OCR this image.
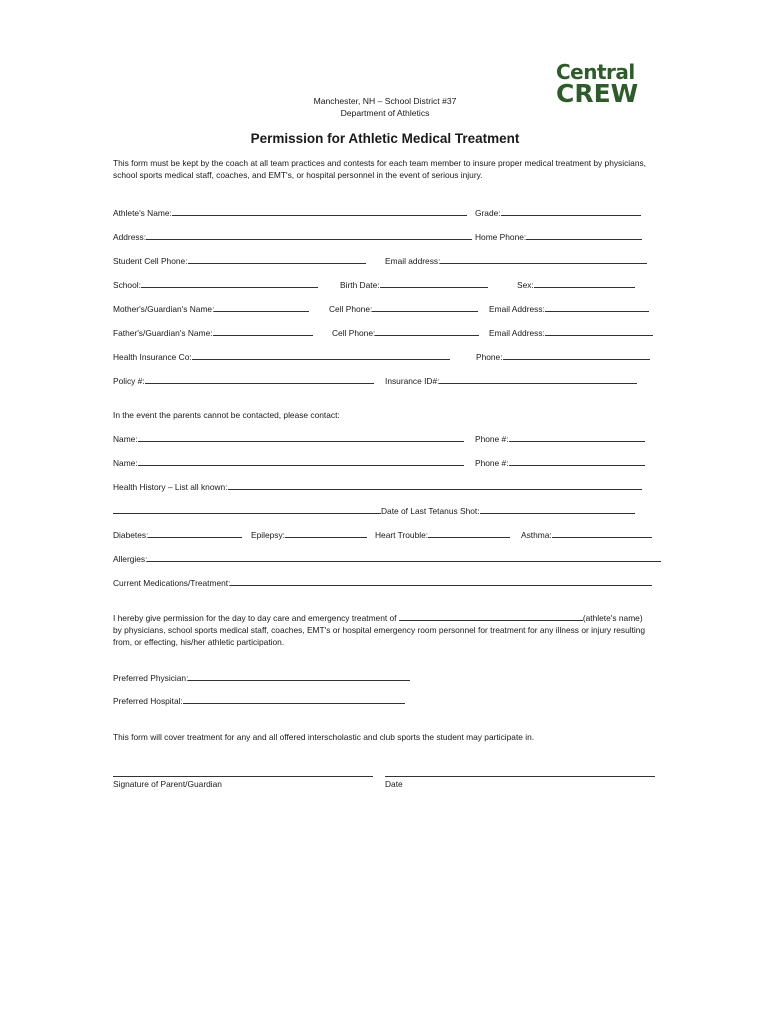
Central
CREW
Manchester, NH – School District #37
Department of Athletics
Permission for Athletic Medical Treatment
This form must be kept by the coach at all team practices and contests for each team member to insure proper medical treatment by physicians, school sports medical staff, coaches, and EMT's, or hospital personnel in the event of serious injury.
Athlete's Name:	Grade:
Address:	Home Phone:
Student Cell Phone:	Email address:
School:	Birth Date:	Sex:
Mother's/Guardian's Name:	Cell Phone:	Email Address:
Father's/Guardian's Name:	Cell Phone:	Email Address:
Health Insurance Co:	Phone:
Policy #:	Insurance ID#:
In the event the parents cannot be contacted, please contact:
Name:	Phone #:
Name:	Phone #:
Health History – List all known:
Date of Last Tetanus Shot:
Diabetes:	Epilepsy:	Heart Trouble:	Asthma:
Allergies:
Current Medications/Treatment:
I hereby give permission for the day to day care and emergency treatment of	(athlete's name) by physicians, school sports medical staff, coaches, EMT's or hospital emergency room personnel for treatment for any illness or injury resulting from, or effecting, his/her athletic participation.
Preferred Physician:
Preferred Hospital:
This form will cover treatment for any and all offered interscholastic and club sports the student may participate in.
Signature of Parent/Guardian	Date
